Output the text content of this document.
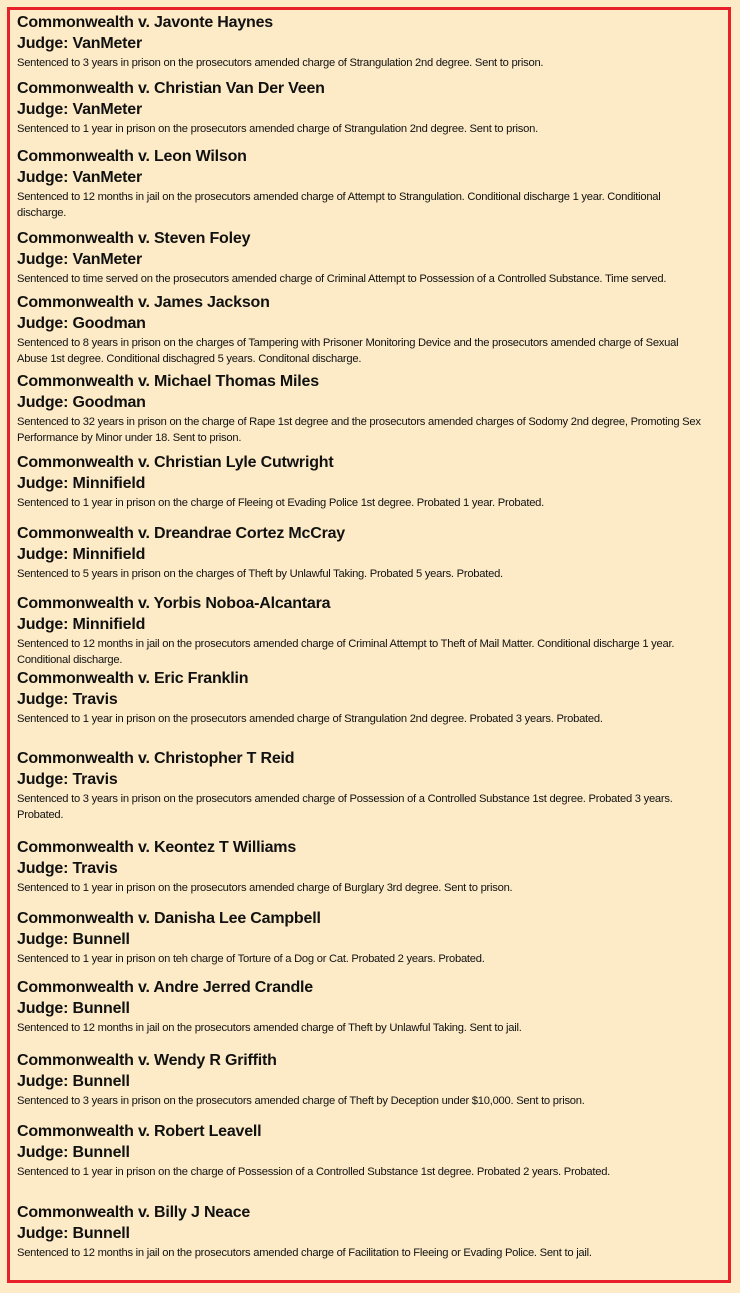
Commonwealth v. Javonte Haynes
Judge: VanMeter
Sentenced to 3 years in prison on the prosecutors amended charge of Strangulation 2nd degree. Sent to prison.
Commonwealth v. Christian Van Der Veen
Judge: VanMeter
Sentenced to 1 year in prison on the prosecutors amended charge of Strangulation 2nd degree. Sent to prison.
Commonwealth v. Leon Wilson
Judge: VanMeter
Sentenced to 12 months in jail on the prosecutors amended charge of Attempt to Strangulation. Conditional discharge 1 year. Conditional discharge.
Commonwealth v. Steven Foley
Judge: VanMeter
Sentenced to time served on the prosecutors amended charge of Criminal Attempt to Possession of a Controlled Substance. Time served.
Commonwealth v. James Jackson
Judge: Goodman
Sentenced to 8 years in prison on the charges of Tampering with Prisoner Monitoring Device and the prosecutors amended charge of Sexual Abuse 1st degree. Conditional dischagred 5 years. Conditonal discharge.
Commonwealth v. Michael Thomas Miles
Judge: Goodman
Sentenced to 32 years in prison on the charge of Rape 1st degree and the prosecutors amended charges of Sodomy 2nd degree, Promoting Sex Performance by Minor under 18. Sent to prison.
Commonwealth v. Christian Lyle Cutwright
Judge: Minnifield
Sentenced to 1 year in prison on the charge of Fleeing ot Evading Police 1st degree. Probated 1 year. Probated.
Commonwealth v. Dreandrae Cortez McCray
Judge: Minnifield
Sentenced to 5 years in prison on the charges of Theft by Unlawful Taking. Probated 5 years. Probated.
Commonwealth v. Yorbis Noboa-Alcantara
Judge: Minnifield
Sentenced to 12 months in jail on the prosecutors amended charge of Criminal Attempt to Theft of Mail Matter. Conditional discharge 1 year. Conditional discharge.
Commonwealth v. Eric Franklin
Judge: Travis
Sentenced to 1 year in prison on the prosecutors amended charge of Strangulation 2nd degree. Probated 3 years. Probated.
Commonwealth v. Christopher T Reid
Judge: Travis
Sentenced to 3 years in prison on the prosecutors amended charge of Possession of a Controlled Substance 1st degree. Probated 3 years. Probated.
Commonwealth v. Keontez T Williams
Judge: Travis
Sentenced to 1 year in prison on the prosecutors amended charge of Burglary 3rd degree. Sent to prison.
Commonwealth v. Danisha Lee Campbell
Judge: Bunnell
Sentenced to 1 year in prison on teh charge of Torture of a Dog or Cat. Probated 2 years. Probated.
Commonwealth v. Andre Jerred Crandle
Judge: Bunnell
Sentenced to 12 months in jail on the prosecutors amended charge of Theft by Unlawful Taking. Sent to jail.
Commonwealth v. Wendy R Griffith
Judge: Bunnell
Sentenced to 3 years in prison on the prosecutors amended charge of Theft by Deception under $10,000. Sent to prison.
Commonwealth v. Robert Leavell
Judge: Bunnell
Sentenced to 1 year in prison on the charge of Possession of a Controlled Substance 1st degree. Probated 2 years. Probated.
Commonwealth v. Billy J Neace
Judge: Bunnell
Sentenced to 12 months in jail on the prosecutors amended charge of Facilitation to Fleeing or Evading Police. Sent to jail.
